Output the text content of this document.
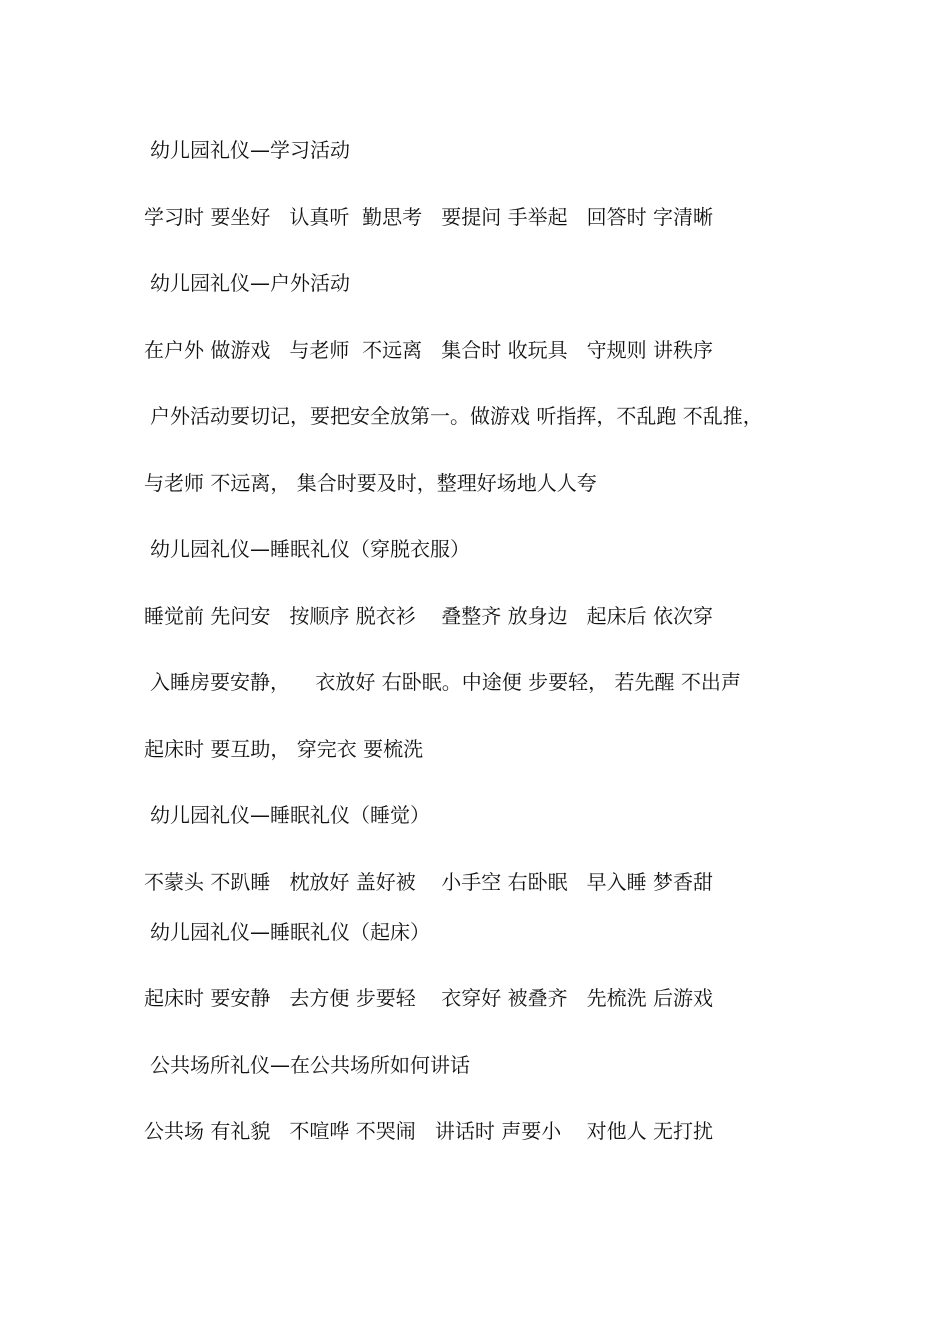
幼儿园礼仪—学习活动
学习时 要坐好   认真听  勤思考   要提问 手举起   回答时 字清晰
幼儿园礼仪—户外活动
在户外 做游戏   与老师  不远离   集合时 收玩具   守规则 讲秩序
户外活动要切记，要把安全放第一。做游戏 听指挥，不乱跑 不乱推，
与老师 不远离， 集合时要及时，整理好场地人人夸
幼儿园礼仪—睡眠礼仪（穿脱衣服）
睡觉前 先问安   按顺序 脱衣衫    叠整齐 放身边   起床后 依次穿
入睡房要安静，    衣放好 右卧眠。中途便 步要轻， 若先醒 不出声
起床时 要互助， 穿完衣 要梳洗
幼儿园礼仪—睡眠礼仪（睡觉）
不蒙头 不趴睡   枕放好 盖好被    小手空 右卧眠   早入睡 梦香甜
幼儿园礼仪—睡眠礼仪（起床）
起床时 要安静   去方便 步要轻    衣穿好 被叠齐   先梳洗 后游戏
公共场所礼仪—在公共场所如何讲话
公共场 有礼貌   不喧哗 不哭闹   讲话时 声要小    对他人 无打扰
